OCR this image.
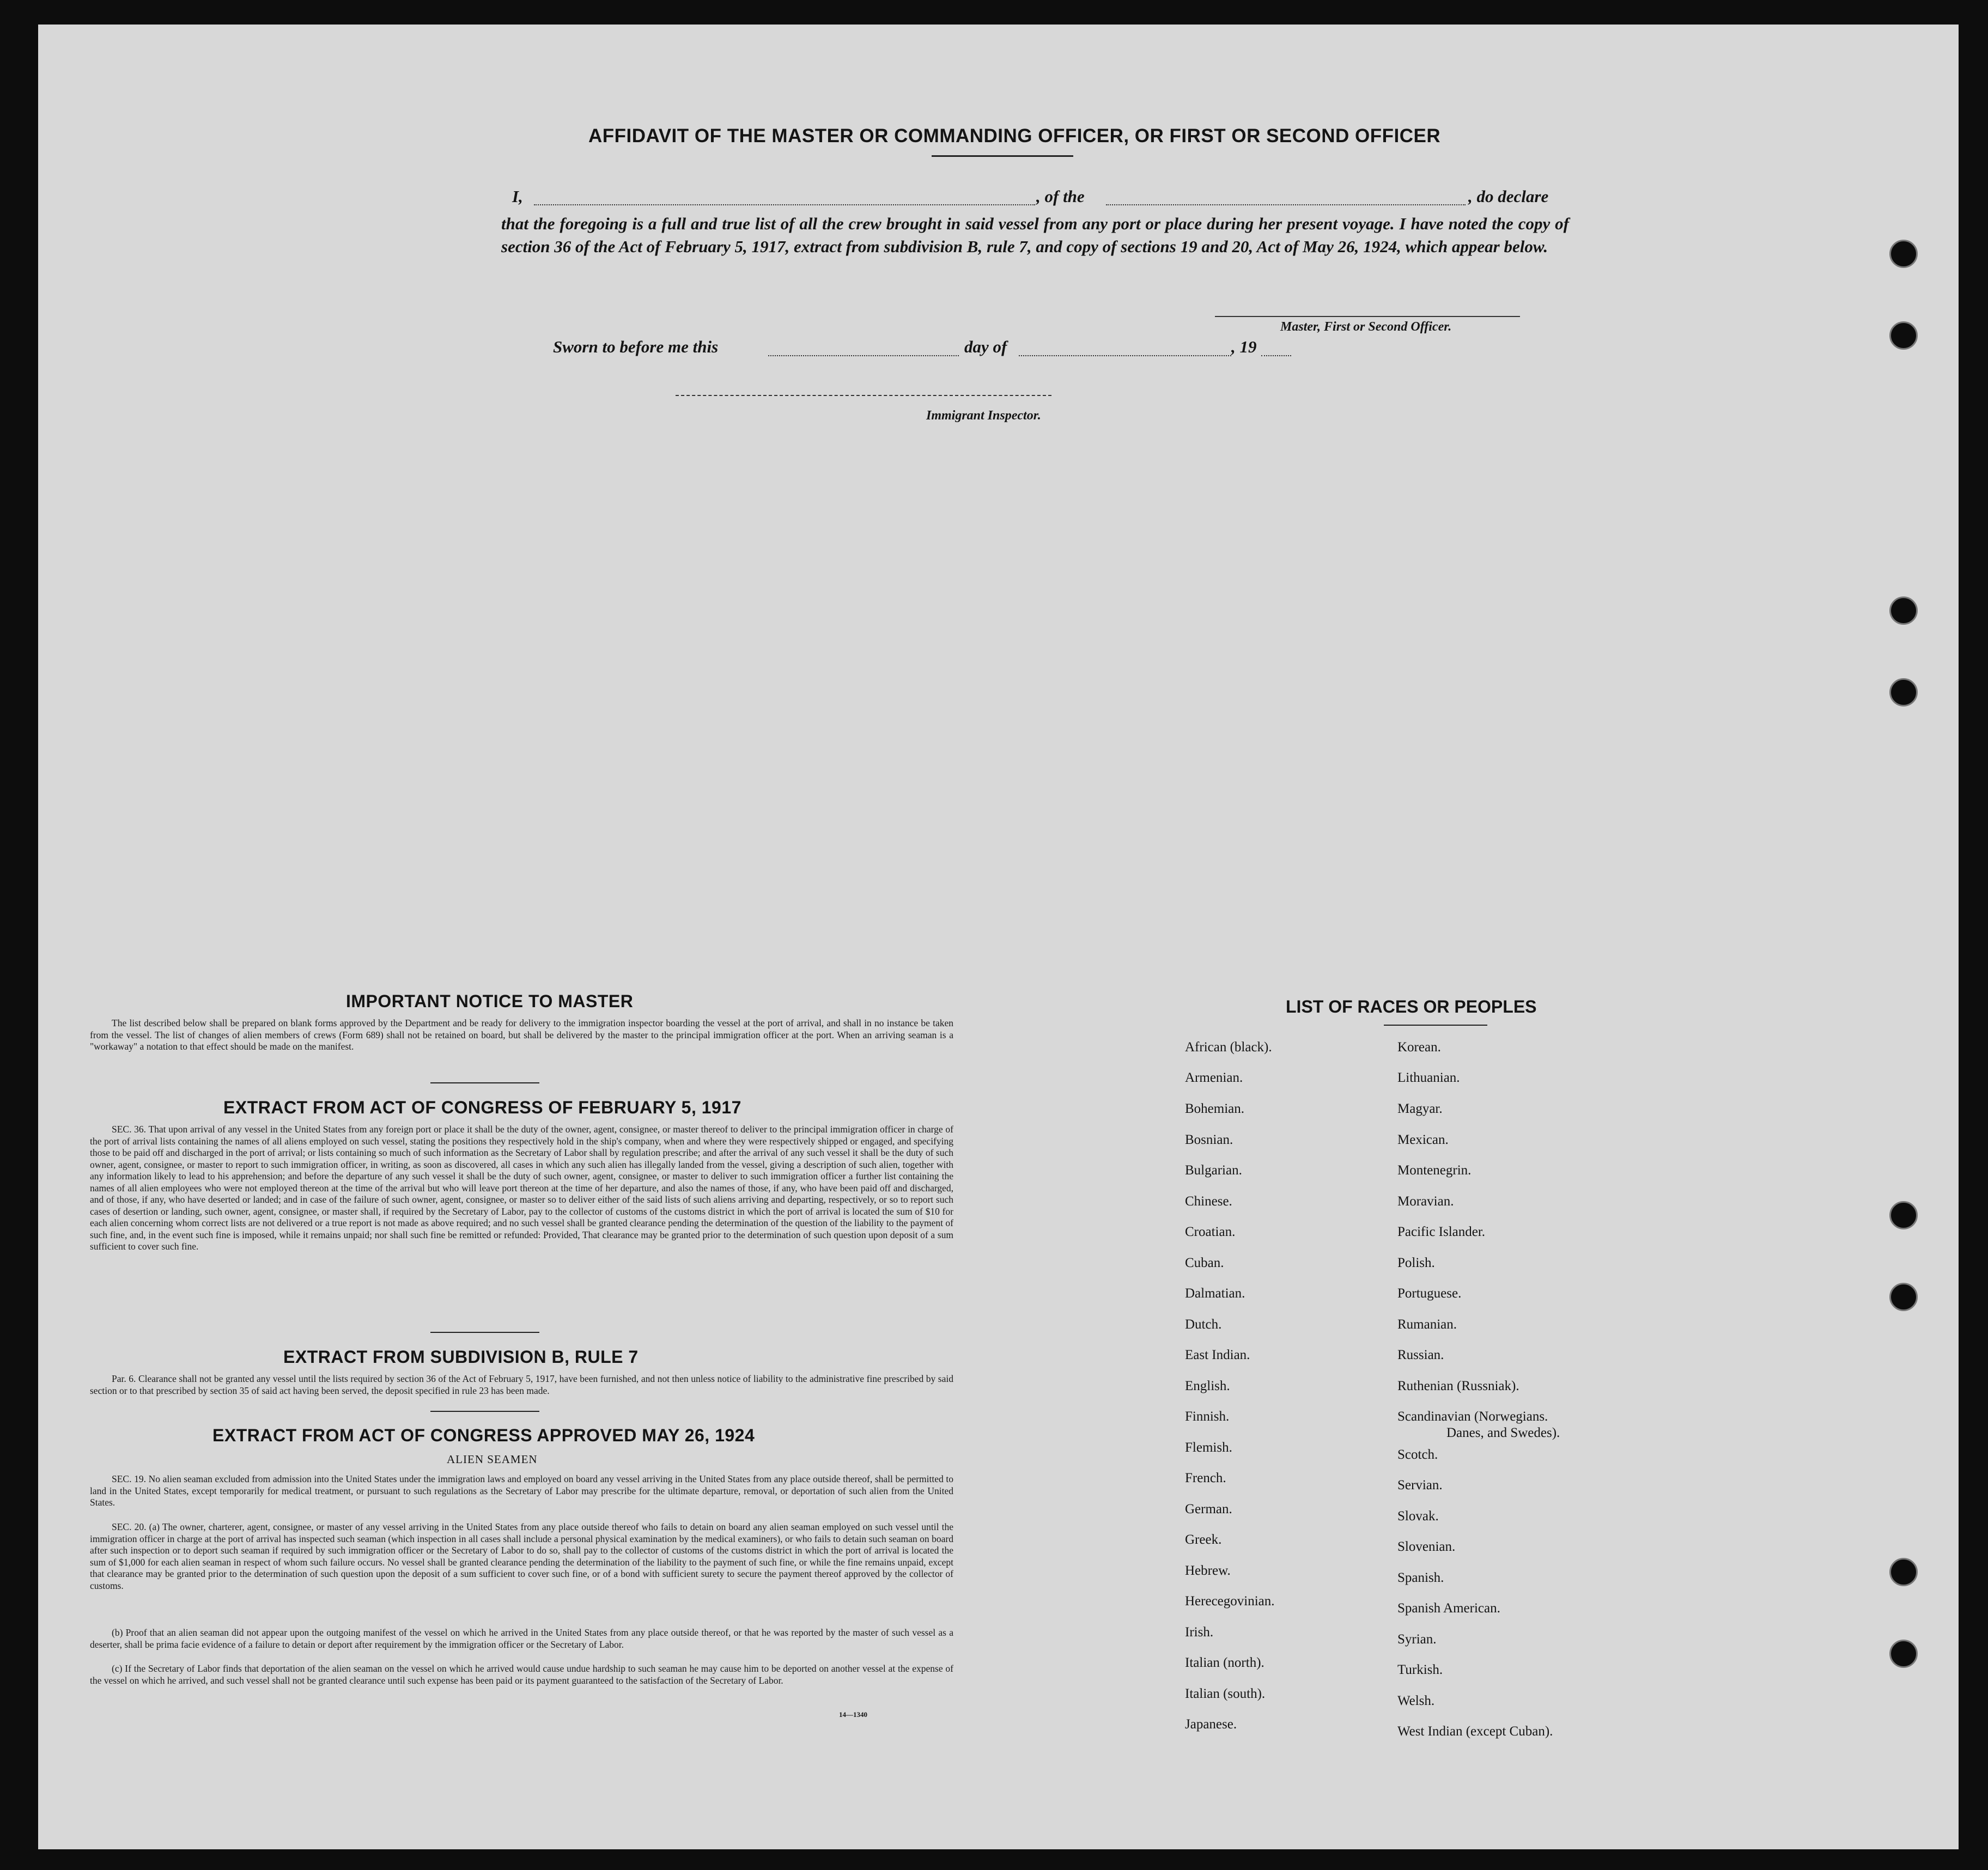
AFFIDAVIT OF THE MASTER OR COMMANDING OFFICER, OR FIRST OR SECOND OFFICER
I,	, of the	, do declare
that the foregoing is a full and true list of all the crew brought in said vessel from any port or place during her present voyage. I have noted the copy of section 36 of the Act of February 5, 1917, extract from subdivision B, rule 7, and copy of sections 19 and 20, Act of May 26, 1924, which appear below.
Master, First or Second Officer.
Sworn to before me this	day of	, 19
Immigrant Inspector.
IMPORTANT NOTICE TO MASTER
The list described below shall be prepared on blank forms approved by the Department and be ready for delivery to the immigration inspector boarding the vessel at the port of arrival, and shall in no instance be taken from the vessel. The list of changes of alien members of crews (Form 689) shall not be retained on board, but shall be delivered by the master to the principal immigration officer at the port. When an arriving seaman is a "workaway" a notation to that effect should be made on the manifest.
EXTRACT FROM ACT OF CONGRESS OF FEBRUARY 5, 1917
SEC. 36. That upon arrival of any vessel in the United States from any foreign port or place it shall be the duty of the owner, agent, consignee, or master thereof to deliver to the principal immigration officer in charge of the port of arrival lists containing the names of all aliens employed on such vessel, stating the positions they respectively hold in the ship's company, when and where they were respectively shipped or engaged, and specifying those to be paid off and discharged in the port of arrival; or lists containing so much of such information as the Secretary of Labor shall by regulation prescribe; and after the arrival of any such vessel it shall be the duty of such owner, agent, consignee, or master to report to such immigration officer, in writing, as soon as discovered, all cases in which any such alien has illegally landed from the vessel, giving a description of such alien, together with any information likely to lead to his apprehension; and before the departure of any such vessel it shall be the duty of such owner, agent, consignee, or master to deliver to such immigration officer a further list containing the names of all alien employees who were not employed thereon at the time of the arrival but who will leave port thereon at the time of her departure, and also the names of those, if any, who have been paid off and discharged, and of those, if any, who have deserted or landed; and in case of the failure of such owner, agent, consignee, or master so to deliver either of the said lists of such aliens arriving and departing, respectively, or so to report such cases of desertion or landing, such owner, agent, consignee, or master shall, if required by the Secretary of Labor, pay to the collector of customs of the customs district in which the port of arrival is located the sum of $10 for each alien concerning whom correct lists are not delivered or a true report is not made as above required; and no such vessel shall be granted clearance pending the determination of the question of the liability to the payment of such fine, and, in the event such fine is imposed, while it remains unpaid; nor shall such fine be remitted or refunded: Provided, That clearance may be granted prior to the determination of such question upon deposit of a sum sufficient to cover such fine.
EXTRACT FROM SUBDIVISION B, RULE 7
Par. 6. Clearance shall not be granted any vessel until the lists required by section 36 of the Act of February 5, 1917, have been furnished, and not then unless notice of liability to the administrative fine prescribed by said section or to that prescribed by section 35 of said act having been served, the deposit specified in rule 23 has been made.
EXTRACT FROM ACT OF CONGRESS APPROVED MAY 26, 1924
ALIEN SEAMEN
SEC. 19. No alien seaman excluded from admission into the United States under the immigration laws and employed on board any vessel arriving in the United States from any place outside thereof, shall be permitted to land in the United States, except temporarily for medical treatment, or pursuant to such regulations as the Secretary of Labor may prescribe for the ultimate departure, removal, or deportation of such alien from the United States.
SEC. 20. (a) The owner, charterer, agent, consignee, or master of any vessel arriving in the United States from any place outside thereof who fails to detain on board any alien seaman employed on such vessel until the immigration officer in charge at the port of arrival has inspected such seaman (which inspection in all cases shall include a personal physical examination by the medical examiners), or who fails to detain such seaman on board after such inspection or to deport such seaman if required by such immigration officer or the Secretary of Labor to do so, shall pay to the collector of customs of the customs district in which the port of arrival is located the sum of $1,000 for each alien seaman in respect of whom such failure occurs. No vessel shall be granted clearance pending the determination of the liability to the payment of such fine, or while the fine remains unpaid, except that clearance may be granted prior to the determination of such question upon the deposit of a sum sufficient to cover such fine, or of a bond with sufficient surety to secure the payment thereof approved by the collector of customs.
(b) Proof that an alien seaman did not appear upon the outgoing manifest of the vessel on which he arrived in the United States from any place outside thereof, or that he was reported by the master of such vessel as a deserter, shall be prima facie evidence of a failure to detain or deport after requirement by the immigration officer or the Secretary of Labor.
(c) If the Secretary of Labor finds that deportation of the alien seaman on the vessel on which he arrived would cause undue hardship to such seaman he may cause him to be deported on another vessel at the expense of the vessel on which he arrived, and such vessel shall not be granted clearance until such expense has been paid or its payment guaranteed to the satisfaction of the Secretary of Labor.
14—1340
LIST OF RACES OR PEOPLES
African (black).
Armenian.
Bohemian.
Bosnian.
Bulgarian.
Chinese.
Croatian.
Cuban.
Dalmatian.
Dutch.
East Indian.
English.
Finnish.
Flemish.
French.
German.
Greek.
Hebrew.
Herecegovinian.
Irish.
Italian (north).
Italian (south).
Japanese.
Korean.
Lithuanian.
Magyar.
Mexican.
Montenegrin.
Moravian.
Pacific Islander.
Polish.
Portuguese.
Rumanian.
Russian.
Ruthenian (Russniak).
Scandinavian (Norwegians.
Danes, and Swedes).
Scotch.
Servian.
Slovak.
Slovenian.
Spanish.
Spanish American.
Syrian.
Turkish.
Welsh.
West Indian (except Cuban).
